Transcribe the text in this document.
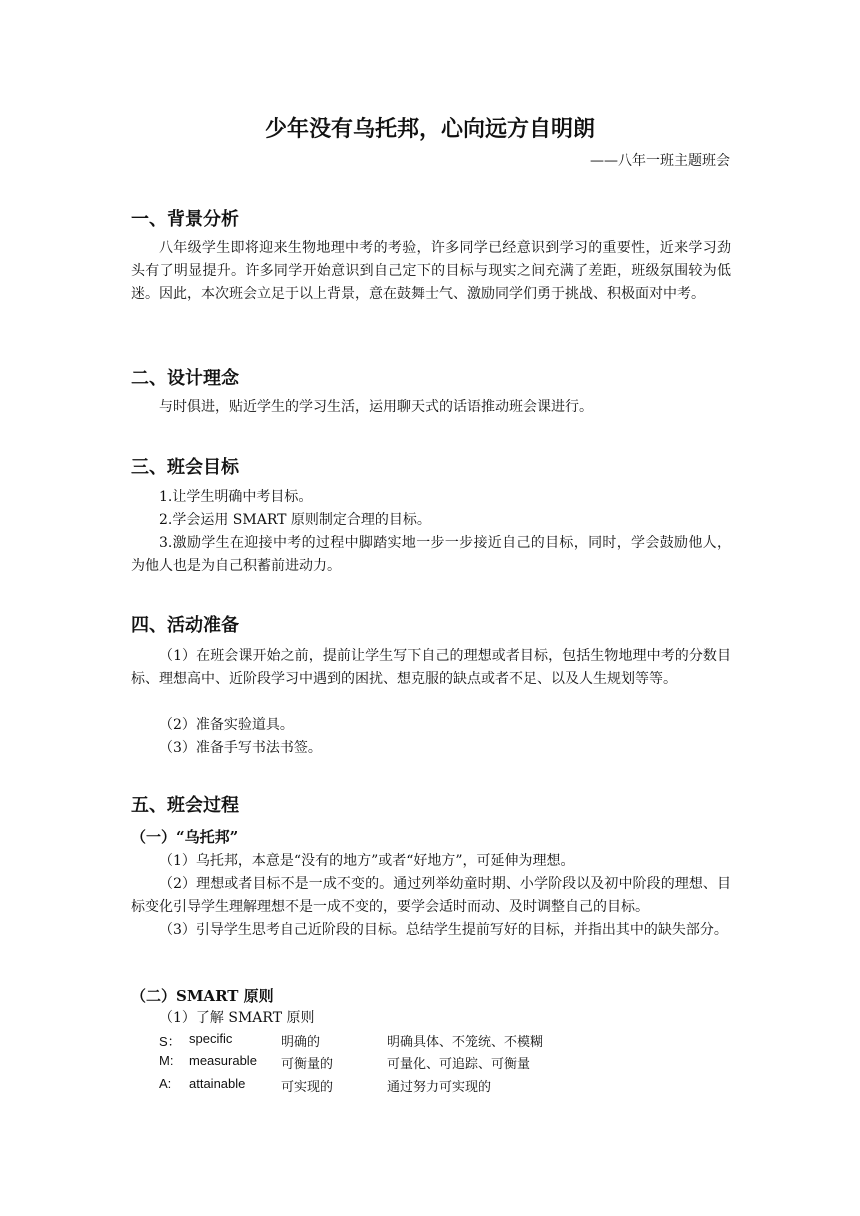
少年没有乌托邦，心向远方自明朗
——八年一班主题班会
一、背景分析
八年级学生即将迎来生物地理中考的考验，许多同学已经意识到学习的重要性，近来学习劲头有了明显提升。许多同学开始意识到自己定下的目标与现实之间充满了差距，班级氛围较为低迷。因此，本次班会立足于以上背景，意在鼓舞士气、激励同学们勇于挑战、积极面对中考。
二、设计理念
与时俱进，贴近学生的学习生活，运用聊天式的话语推动班会课进行。
三、班会目标
1.让学生明确中考目标。
2.学会运用 SMART 原则制定合理的目标。
3.激励学生在迎接中考的过程中脚踏实地一步一步接近自己的目标，同时，学会鼓励他人，为他人也是为自己积蓄前进动力。
四、活动准备
（1）在班会课开始之前，提前让学生写下自己的理想或者目标，包括生物地理中考的分数目标、理想高中、近阶段学习中遇到的困扰、想克服的缺点或者不足、以及人生规划等等。
（2）准备实验道具。
（3）准备手写书法书签。
五、班会过程
（一）“乌托邦”
（1）乌托邦，本意是“没有的地方”或者“好地方”，可延伸为理想。
（2）理想或者目标不是一成不变的。通过列举幼童时期、小学阶段以及初中阶段的理想、目标变化引导学生理解理想不是一成不变的，要学会适时而动、及时调整自己的目标。
（3）引导学生思考自己近阶段的目标。总结学生提前写好的目标，并指出其中的缺失部分。
（二）SMART 原则
（1）了解 SMART 原则
S： specific	明确的	明确具体、不笼统、不模糊
M: measurable 可衡量的	可量化、可追踪、可衡量
A: attainable	可实现的	通过努力可实现的
